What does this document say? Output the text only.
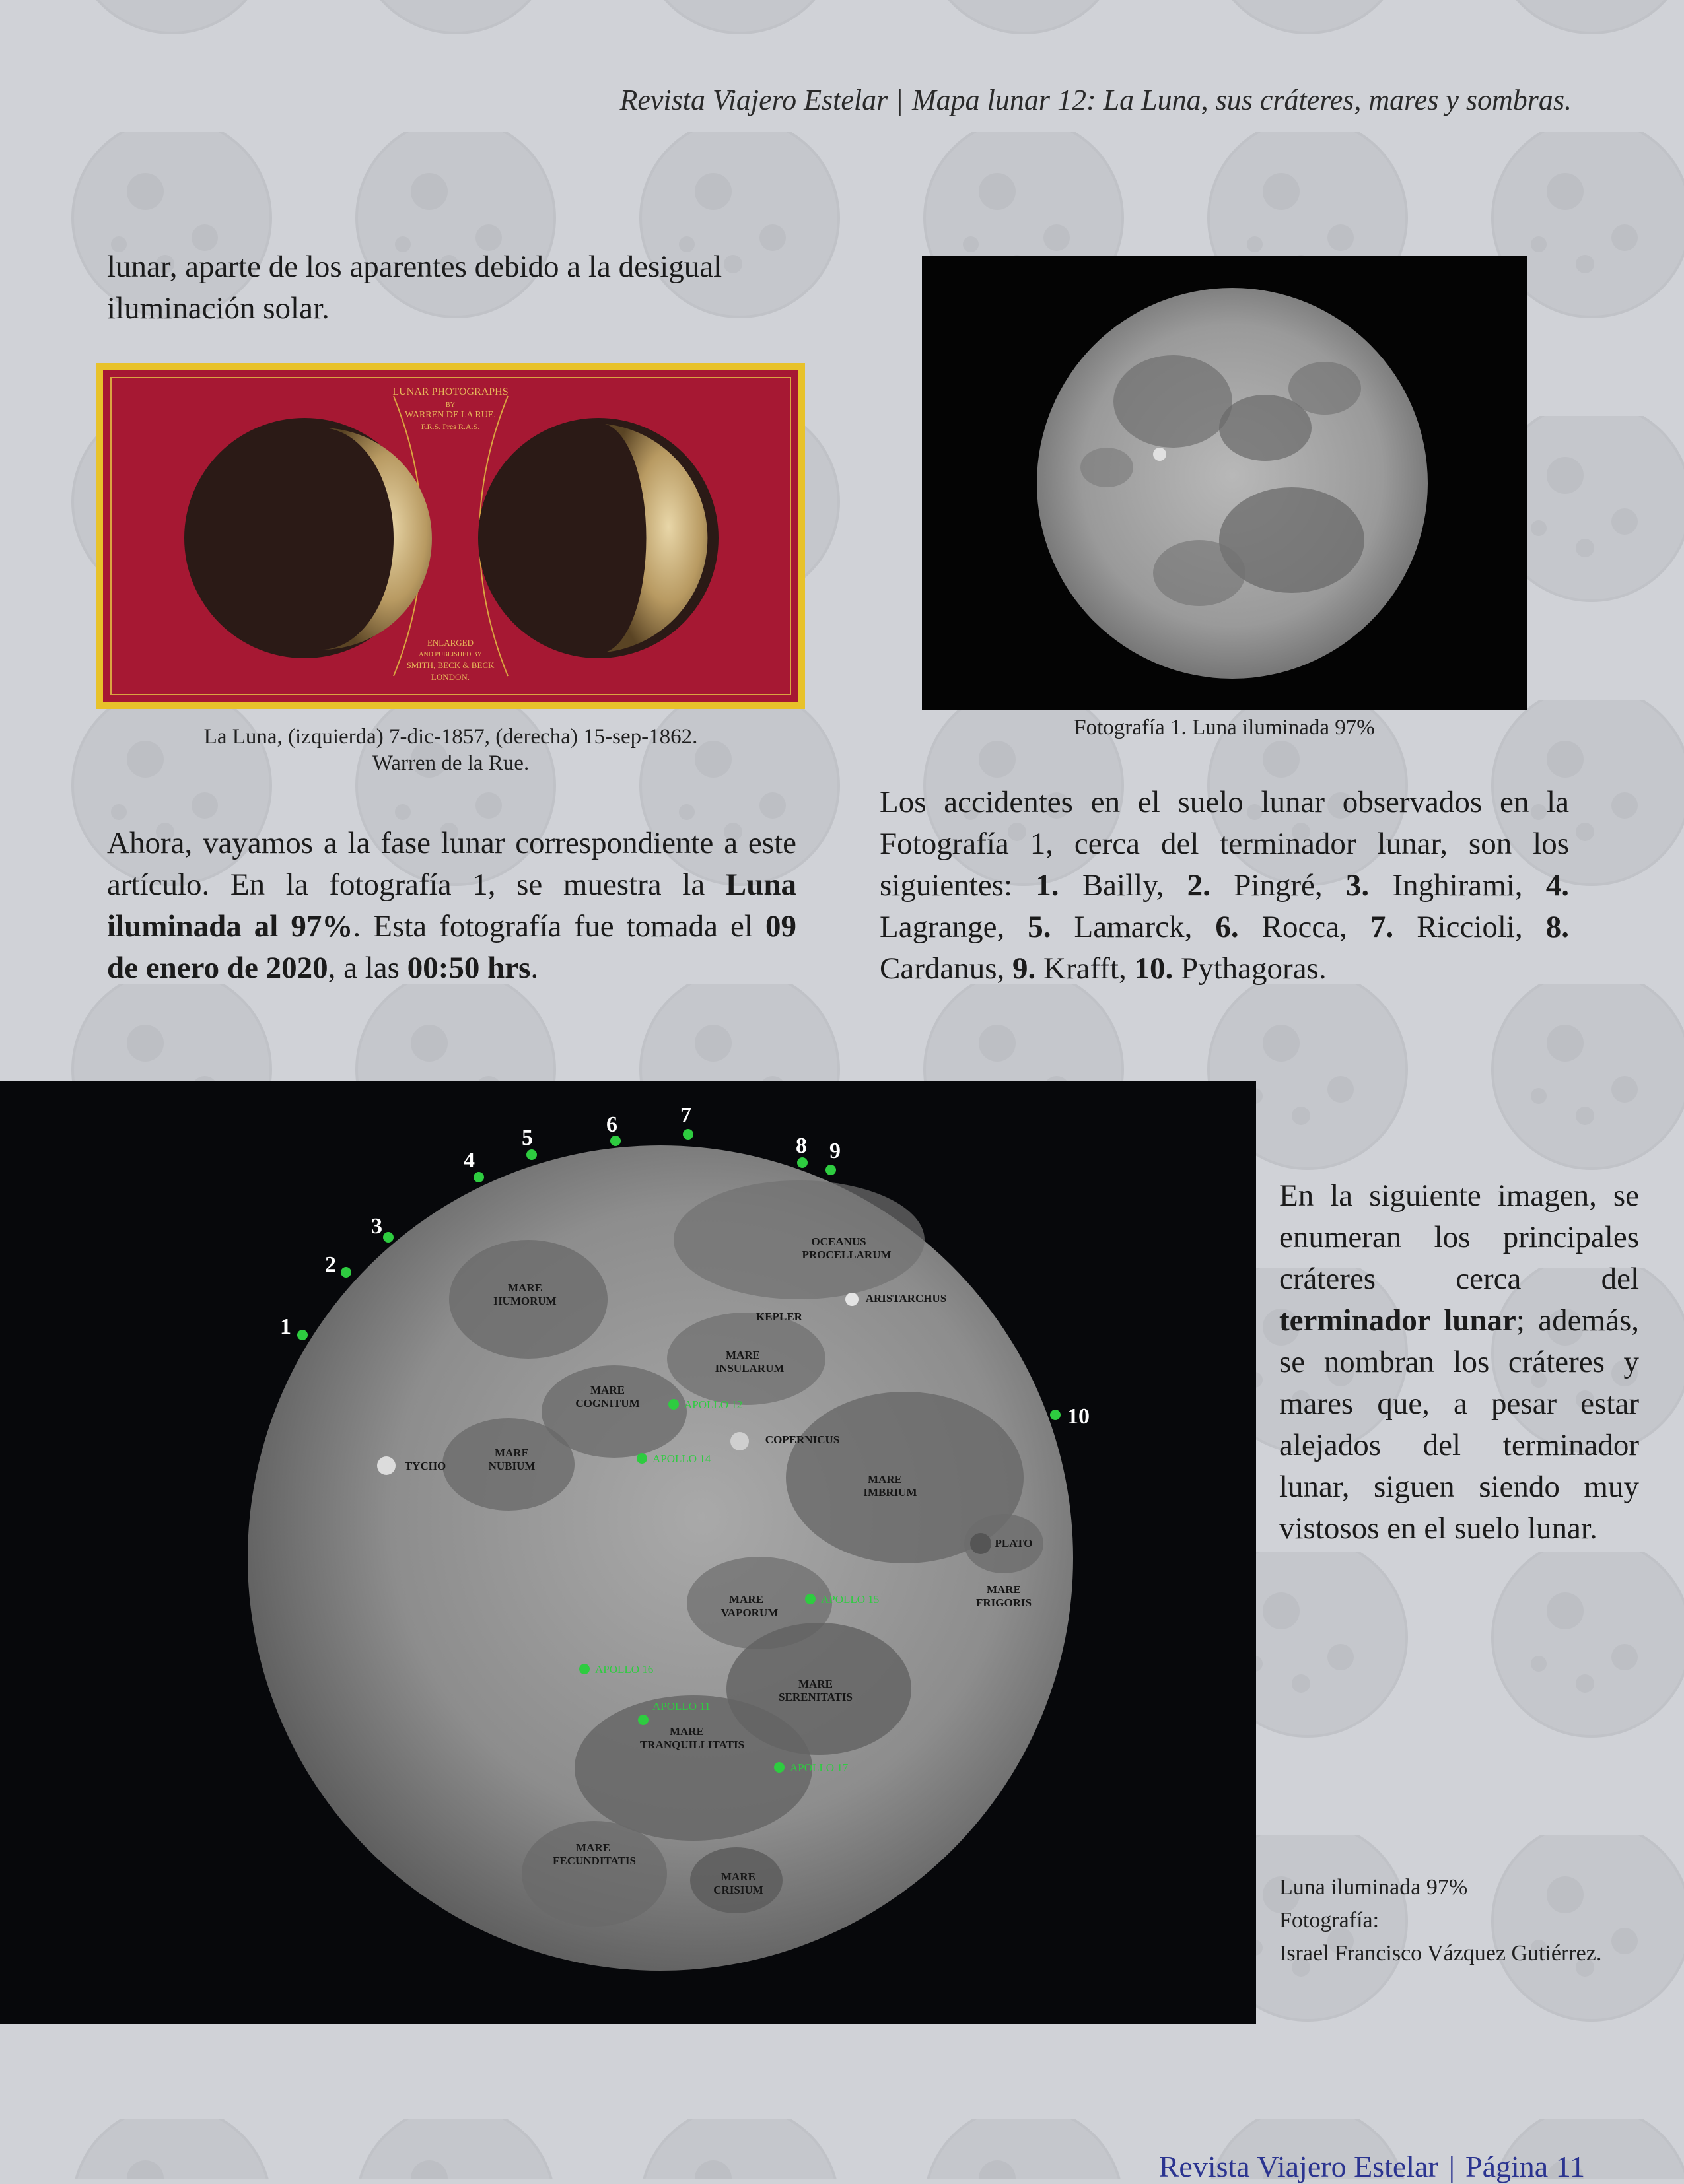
Revista Viajero Estelar | Mapa lunar 12: La Luna, sus cráteres, mares y sombras.
lunar, aparte de los aparentes debido a la desigual iluminación solar.
LUNAR PHOTOGRAPHS
BY
WARREN DE LA RUE.
F.R.S. Pres R.A.S.
ENLARGED
AND PUBLISHED BY
SMITH, BECK & BECK
LONDON.
La Luna, (izquierda) 7-dic-1857, (derecha) 15-sep-1862.
Warren de la Rue.
Fotografía 1. Luna iluminada 97%
Ahora, vayamos a la fase lunar correspondiente a este artículo. En la fotografía 1, se muestra la Luna iluminada al 97%. Esta fotografía fue tomada el 09 de enero de 2020, a las 00:50 hrs.
Los accidentes en el suelo lunar observados en la Fotografía 1, cerca del terminador lunar, son los siguientes: 1. Bailly, 2. Pingré, 3. Inghirami, 4. Lagrange, 5. Lamarck, 6. Rocca, 7. Riccioli, 8. Cardanus, 9. Krafft, 10. Pythagoras.
1
2
3
4
5
6	7
8 9
10
OCEANUS
PROCELLARUM
MARE
HUMORUM	ARISTARCHUS
KEPLER
MARE
INSULARUM
MARE
COGNITUM
COPERNICUS
TYCHO
MARE
NUBIUM
MARE
IMBRIUM
PLATO
MARE
FRIGORIS
MARE
VAPORUM
MARE
SERENITATIS
MARE
TRANQUILLITATIS
MARE
FECUNDITATIS
MARE
CRISIUM
APOLLO 12
APOLLO 14
APOLLO 15
APOLLO 16
APOLLO 11
APOLLO 17
En la siguiente imagen, se enumeran los principales cráteres cerca del terminador lunar; además, se nombran los cráteres y mares que, a pesar estar alejados del terminador lunar, siguen siendo muy vistosos en el suelo lunar.
Luna iluminada 97%
Fotografía:
Israel Francisco Vázquez Gutiérrez.
Revista Viajero Estelar | Página 11
